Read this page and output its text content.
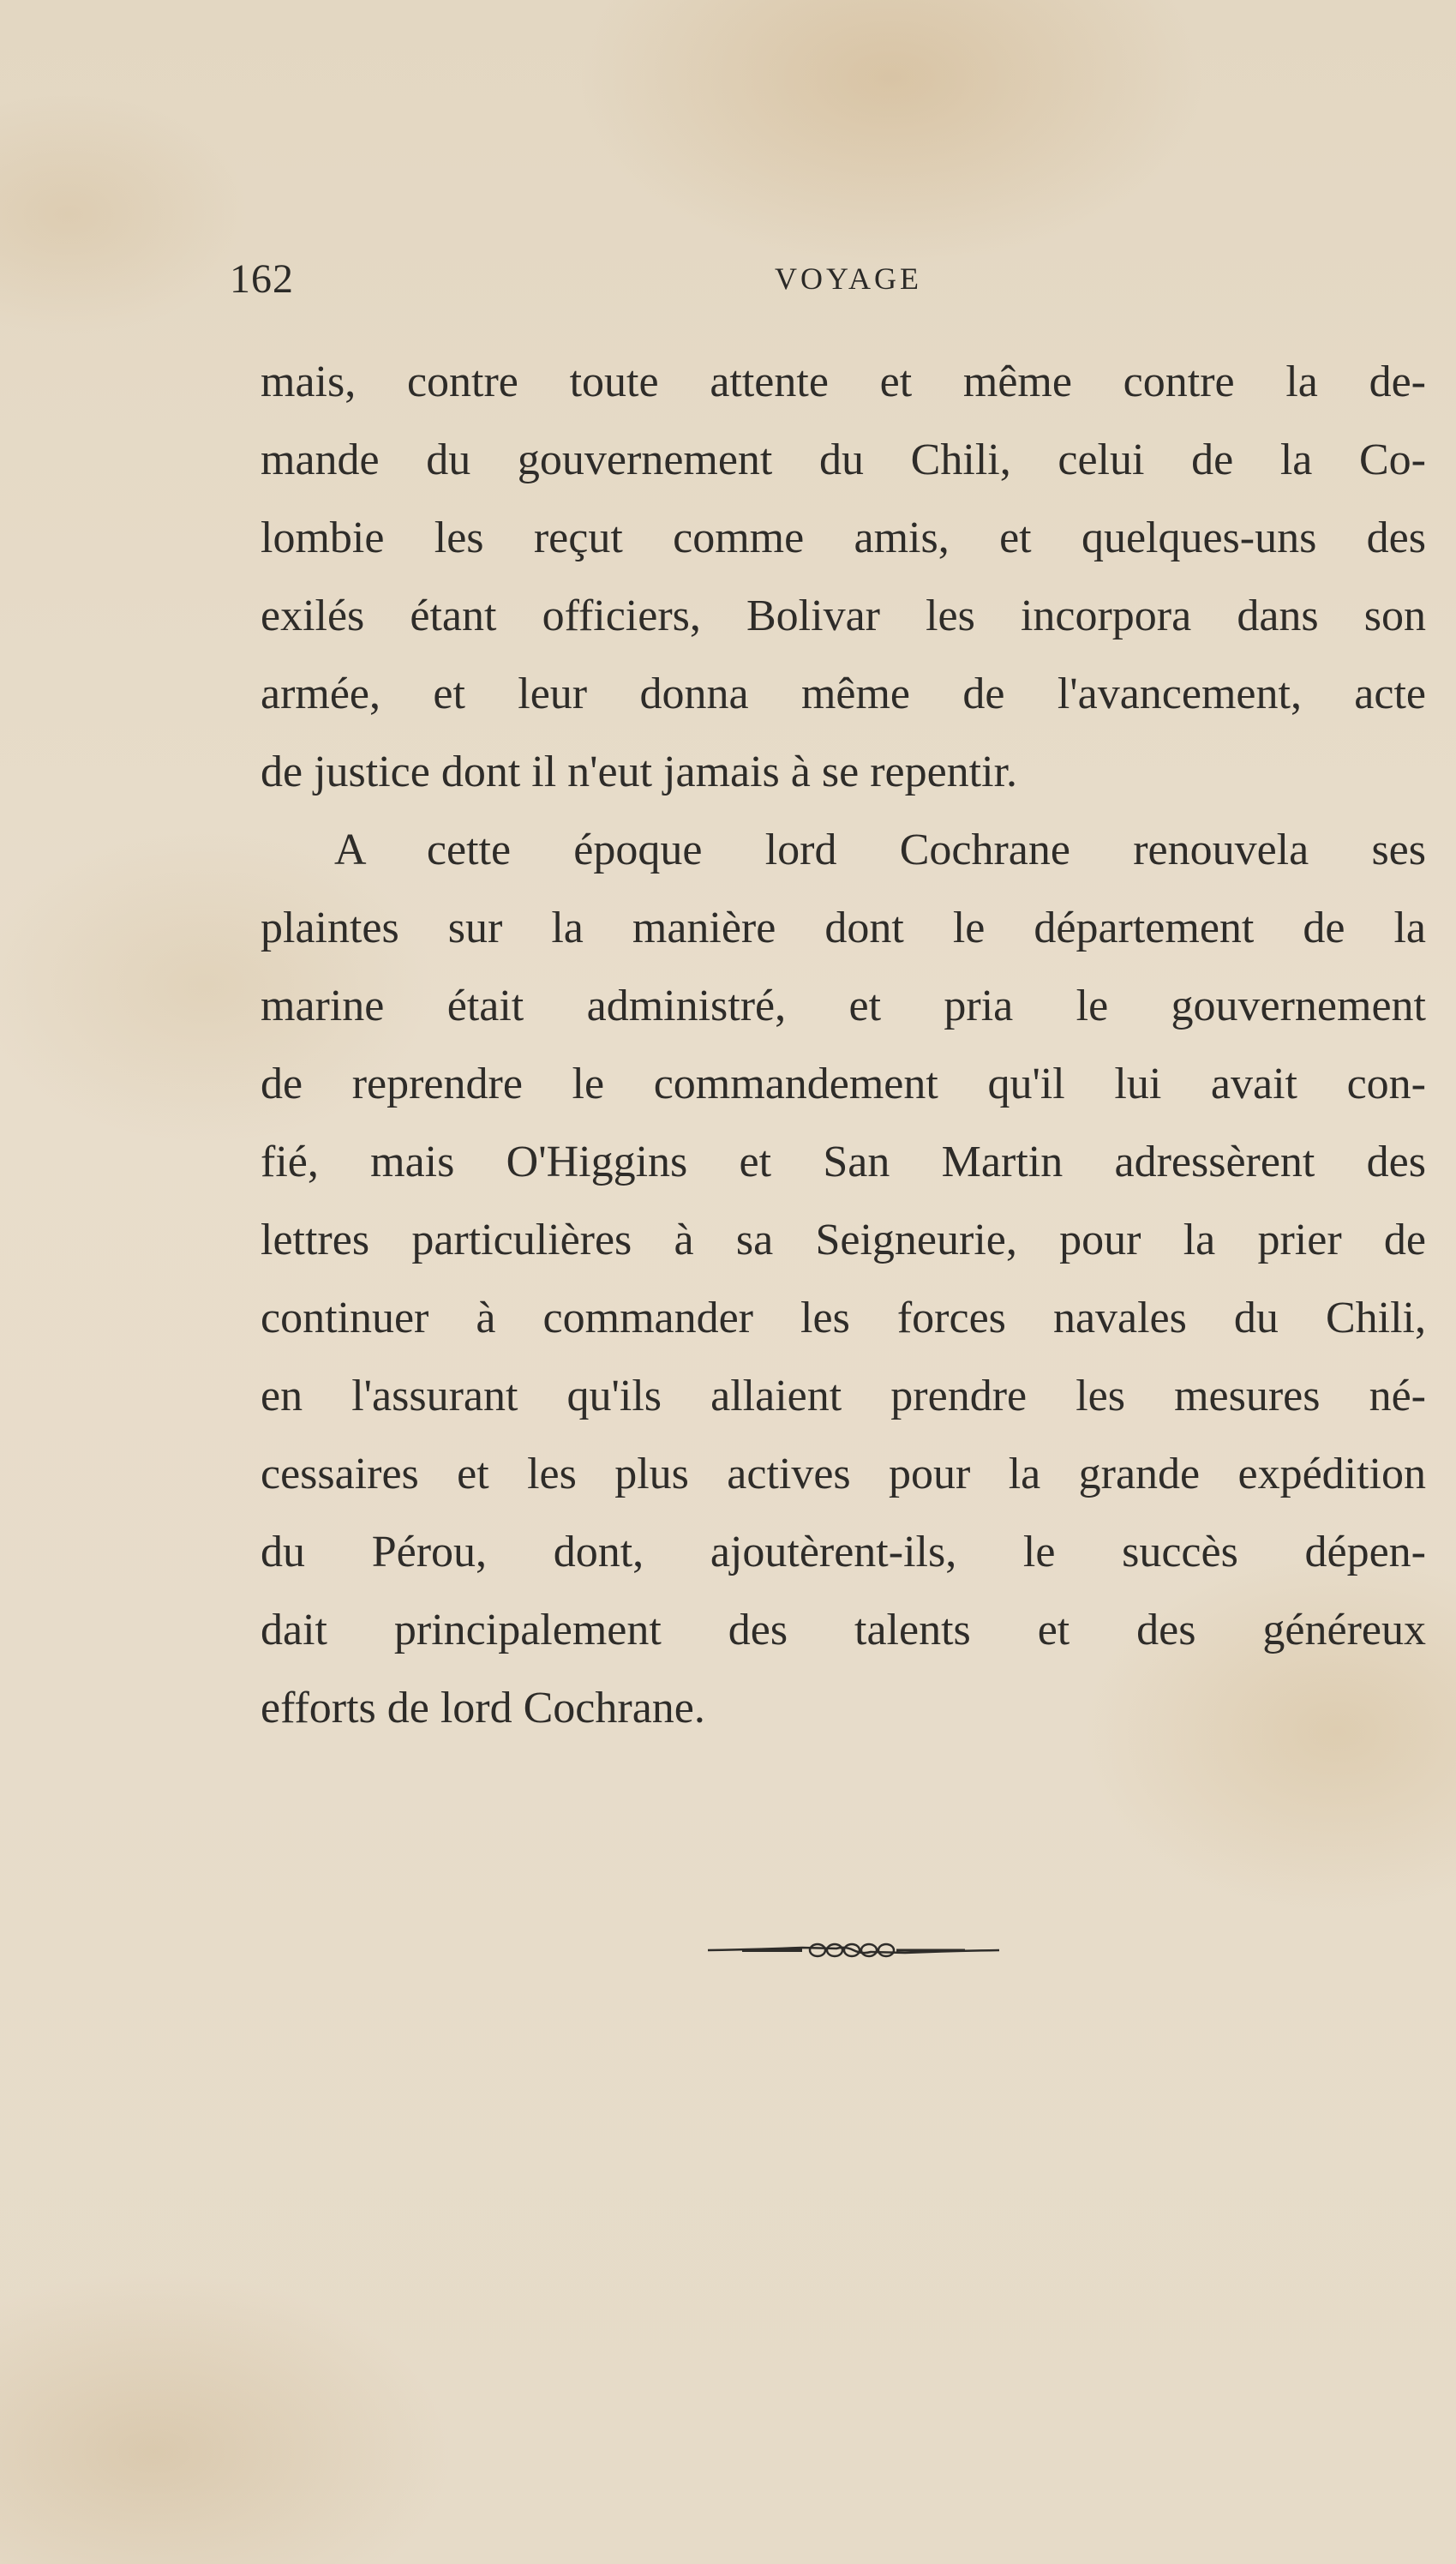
162	VOYAGE
mais, contre toute attente et même contre la de-
mande du gouvernement du Chili, celui de la Co-
lombie les reçut comme amis, et quelques-uns des
exilés étant officiers, Bolivar les incorpora dans son
armée, et leur donna même de l'avancement, acte
de justice dont il n'eut jamais à se repentir.
A cette époque lord Cochrane renouvela ses
plaintes sur la manière dont le département de la
marine était administré, et pria le gouvernement
de reprendre le commandement qu'il lui avait con-
fié, mais O'Higgins et San Martin adressèrent des
lettres particulières à sa Seigneurie, pour la prier de
continuer à commander les forces navales du Chili,
en l'assurant qu'ils allaient prendre les mesures né-
cessaires et les plus actives pour la grande expédition
du Pérou, dont, ajoutèrent-ils, le succès dépen-
dait principalement des talents et des généreux
efforts de lord Cochrane.
